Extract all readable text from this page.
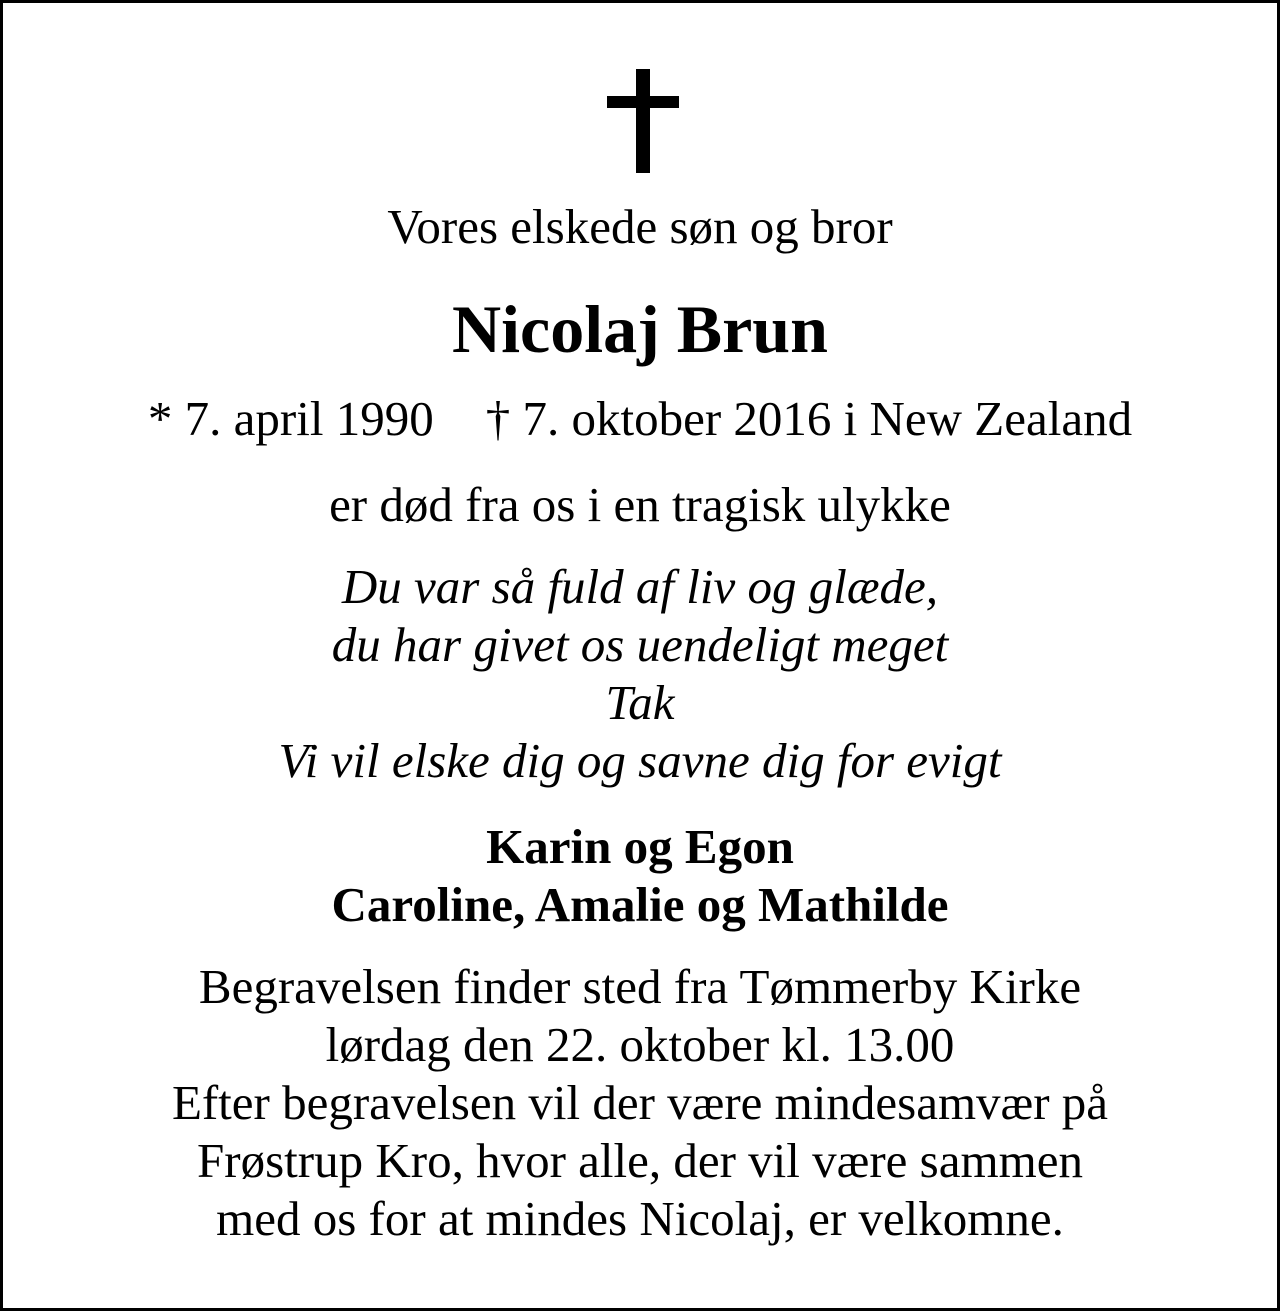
Vores elskede søn og bror

Nicolaj Brun

* 7. april 1990 † 7. oktober 2016 i New Zealand

er død fra os i en tragisk ulykke

Du var så fuld af liv og glæde,
du har givet os uendeligt meget
Tak
Vi vil elske dig og savne dig for evigt
Karin og Egon
Caroline, Amalie og Mathilde
Begravelsen finder sted fra Tømmerby Kirke
lørdag den 22. oktober kl. 13.00
Efter begravelsen vil der være mindesamvær på
Frøstrup Kro, hvor alle, der vil være sammen
med os for at mindes Nicolaj, er velkomne.
